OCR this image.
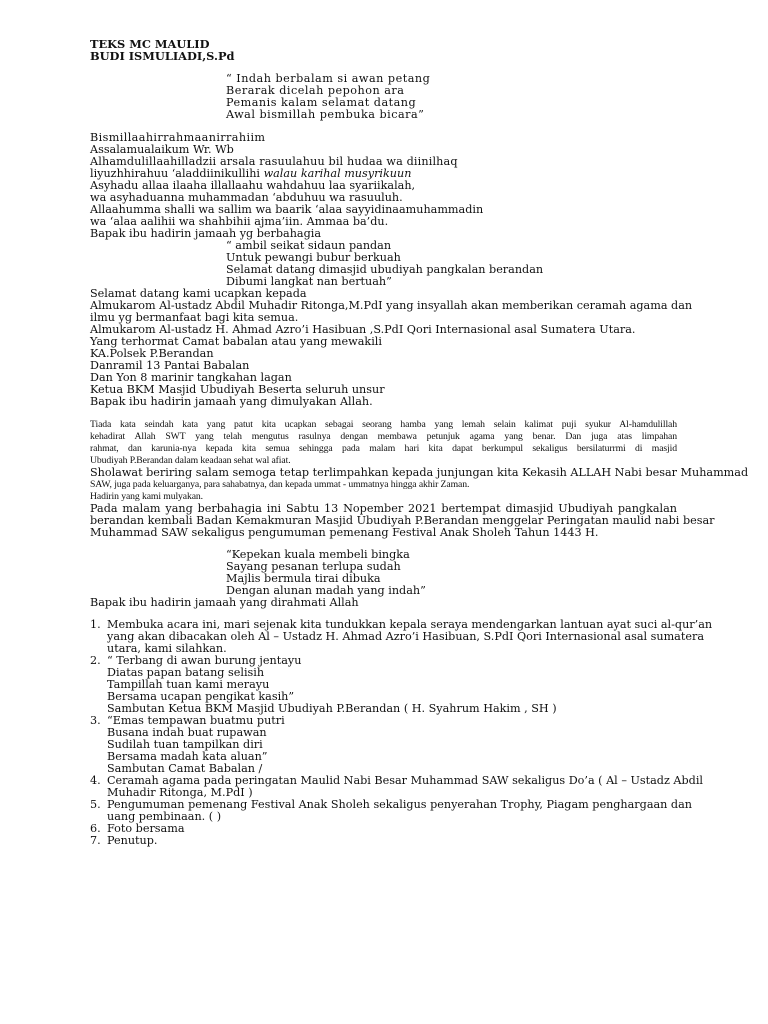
TEKS MC MAULID
BUDI ISMULIADI,S.Pd
“ Indah berbalam si awan petang
Berarak dicelah pepohon ara
Pemanis kalam selamat datang
Awal bismillah pembuka bicara”
Bismillaahirrahmaanirrahiim
Assalamualaikum Wr. Wb
Alhamdulillaahilladzii arsala rasuulahuu bil hudaa wa diinilhaq
liyuzhhirahuu ‘aladdiinikullihi walau karihal musyrikuun
Asyhadu allaa ilaaha illallaahu wahdahuu laa syariikalah,
wa asyhaduanna muhammadan ‘abduhuu wa rasuuluh.
Allaahumma shalli wa sallim wa baarik ‘alaa sayyidinaamuhammadin
wa ‘alaa aalihii wa shahbihii ajma’iin. Ammaa ba’du.
Bapak ibu hadirin jamaah yg berbahagia
“ ambil seikat sidaun pandan
Untuk pewangi bubur berkuah
Selamat datang dimasjid ubudiyah pangkalan berandan
Dibumi langkat nan bertuah”
Selamat datang kami ucapkan kepada
Almukarom Al-ustadz Abdil Muhadir Ritonga,M.PdI yang insyallah akan memberikan ceramah agama dan
ilmu yg bermanfaat bagi kita semua.
Almukarom Al-ustadz H. Ahmad Azro’i Hasibuan ,S.PdI Qori Internasional asal Sumatera Utara.
Yang terhormat Camat babalan atau yang mewakili
KA.Polsek P.Berandan
Danramil 13 Pantai Babalan
Dan Yon 8 marinir tangkahan lagan
Ketua BKM Masjid Ubudiyah Beserta seluruh unsur
Bapak ibu hadirin jamaah yang dimulyakan Allah.
Tiada kata seindah kata yang patut kita ucapkan sebagai seorang hamba yang lemah selain kalimat puji syukur Al-hamdulillah
kehadirat Allah SWT yang telah mengutus rasulnya dengan membawa petunjuk agama yang benar. Dan juga atas limpahan
rahmat, dan karunia-nya kepada kita semua sehingga pada malam hari kita dapat berkumpul sekaligus bersilaturrmi di masjid
Ubudiyah P.Berandan dalam keadaan sehat wal afiat.
Sholawat beriring salam semoga tetap terlimpahkan kepada junjungan kita Kekasih ALLAH Nabi besar Muhammad
SAW, juga pada keluarganya, para sahabatnya, dan kepada ummat - ummatnya hingga akhir Zaman.
Hadirin yang kami mulyakan.
Pada malam yang berbahagia ini Sabtu 13 Nopember 2021 bertempat dimasjid Ubudiyah pangkalan
berandan kembali Badan Kemakmuran Masjid Ubudiyah P.Berandan menggelar Peringatan maulid nabi besar
Muhammad SAW sekaligus pengumuman pemenang Festival Anak Sholeh Tahun 1443 H.
“Kepekan kuala membeli bingka
Sayang pesanan terlupa sudah
Majlis bermula tirai dibuka
Dengan alunan madah yang indah”
Bapak ibu hadirin jamaah yang dirahmati Allah
1. Membuka acara ini, mari sejenak kita tundukkan kepala seraya mendengarkan lantuan ayat suci al-qur’an
yang akan dibacakan oleh Al – Ustadz H. Ahmad Azro’i Hasibuan, S.PdI Qori Internasional asal sumatera
utara, kami silahkan.
2. “ Terbang di awan burung jentayu
Diatas papan batang selisih
Tampillah tuan kami merayu
Bersama ucapan pengikat kasih”
Sambutan Ketua BKM Masjid Ubudiyah P.Berandan ( H. Syahrum Hakim , SH )
3. “Emas tempawan buatmu putri
Busana indah buat rupawan
Sudilah tuan tampilkan diri
Bersama madah kata aluan”
Sambutan Camat Babalan /
4. Ceramah agama pada peringatan Maulid Nabi Besar Muhammad SAW sekaligus Do’a ( Al – Ustadz Abdil
Muhadir Ritonga, M.PdI )
5. Pengumuman pemenang Festival Anak Sholeh sekaligus penyerahan Trophy, Piagam penghargaan dan
uang pembinaan. ( )
6. Foto bersama
7. Penutup.
